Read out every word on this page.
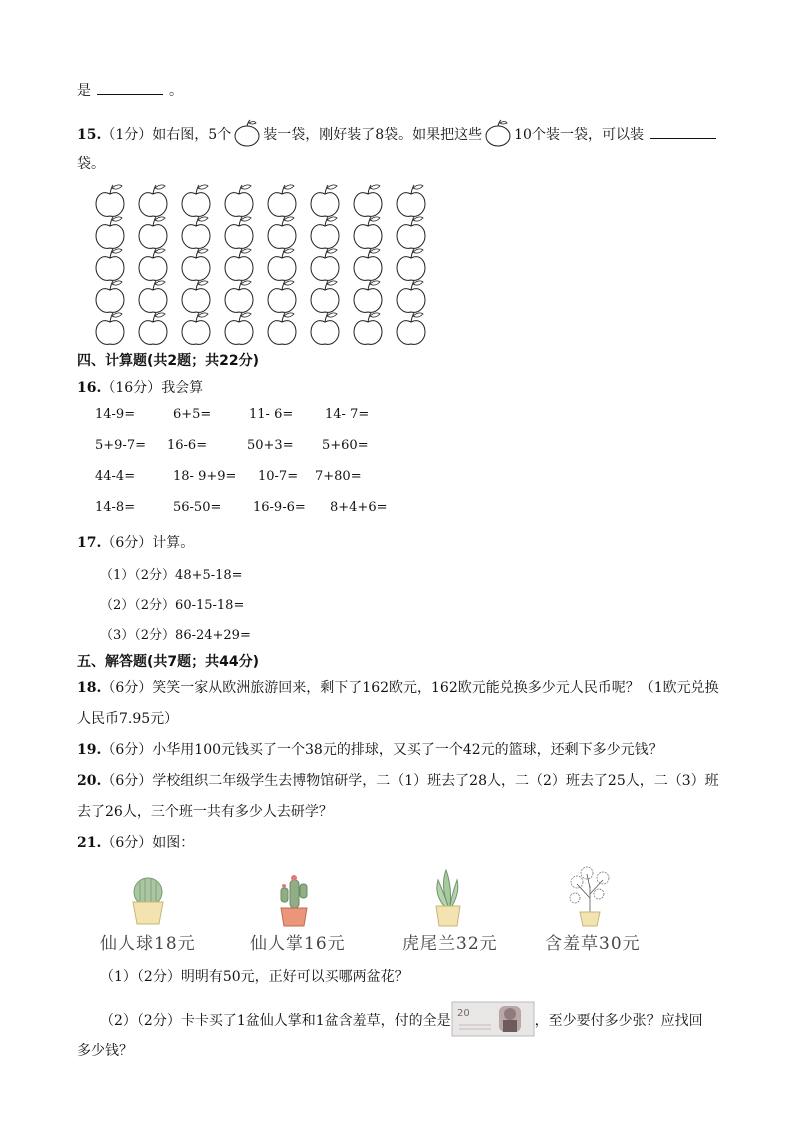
是	。
15.（1分）如右图，5个 装一袋，刚好装了8袋。如果把这些 10个装一袋，可以装
袋。
四、计算题(共2题；共22分)
16.（16分）我会算
14-9=	6+5=	11- 6= 14- 7=
5+9-7= 16-6=	50+3= 5+60=
44-4=	18- 9+9= 10-7= 7+80=
14-8=	56-50= 16-9-6= 8+4+6=
17.（6分）计算。
（1）（2分）48+5-18=
（2）（2分）60-15-18=
（3）（2分）86-24+29=
五、解答题(共7题；共44分)
18.（6分）笑笑一家从欧洲旅游回来，剩下了162欧元，162欧元能兑换多少元人民币呢？（1欧元兑换
人民币7.95元）
19.（6分）小华用100元钱买了一个38元的排球，又买了一个42元的篮球，还剩下多少元钱？
20.（6分）学校组织二年级学生去博物馆研学，二（1）班去了28人，二（2）班去了25人，二（3）班
去了26人，三个班一共有多少人去研学？
21.（6分）如图：
仙人球18元	仙人掌16元	虎尾兰32元	含羞草30元
（1）（2分）明明有50元，正好可以买哪两盆花？
（2）（2分）卡卡买了1盆仙人掌和1盆含羞草，付的全是 20	，至少要付多少张？应找回
多少钱？
